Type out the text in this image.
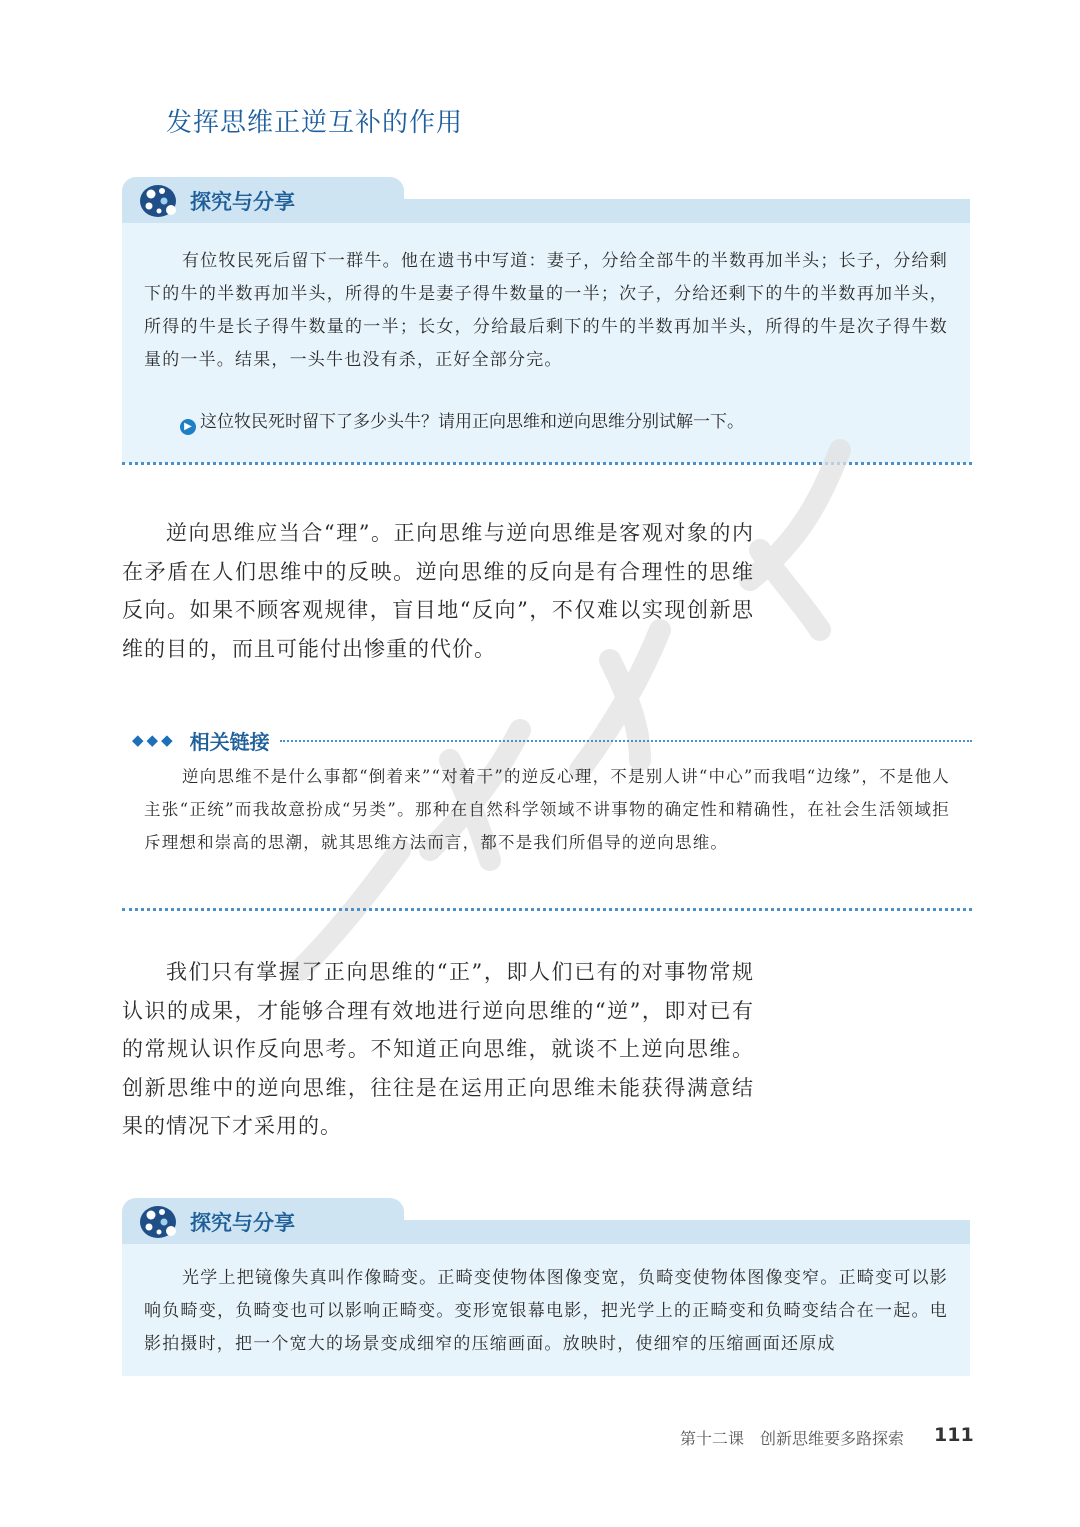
发挥思维正逆互补的作用
探究与分享

有位牧民死后留下一群牛。他在遗书中写道：妻子，分给全部牛的半数再加半头；长子，分给剩下的牛的半数再加半头，所得的牛是妻子得牛数量的一半；次子，分给还剩下的牛的半数再加半头，所得的牛是长子得牛数量的一半；长女，分给最后剩下的牛的半数再加半头，所得的牛是次子得牛数量的一半。结果，一头牛也没有杀，正好全部分完。

▶ 这位牧民死时留下了多少头牛？请用正向思维和逆向思维分别试解一下。

逆向思维应当合“理”。正向思维与逆向思维是客观对象的内在矛盾在人们思维中的反映。逆向思维的反向是有合理性的思维反向。如果不顾客观规律，盲目地“反向”，不仅难以实现创新思维的目的，而且可能付出惨重的代价。

◆◆◆ 相关链接

逆向思维不是什么事都“倒着来”“对着干”的逆反心理，不是别人讲“中心”而我唱“边缘”，不是他人主张“正统”而我故意扮成“另类”。那种在自然科学领域不讲事物的确定性和精确性，在社会生活领域拒斥理想和崇高的思潮，就其思维方法而言，都不是我们所倡导的逆向思维。

我们只有掌握了正向思维的“正”，即人们已有的对事物常规认识的成果，才能够合理有效地进行逆向思维的“逆”，即对已有的常规认识作反向思考。不知道正向思维，就谈不上逆向思维。创新思维中的逆向思维，往往是在运用正向思维未能获得满意结果的情况下才采用的。

探究与分享

光学上把镜像失真叫作像畸变。正畸变使物体图像变宽，负畸变使物体图像变窄。正畸变可以影响负畸变，负畸变也可以影响正畸变。变形宽银幕电影，把光学上的正畸变和负畸变结合在一起。电影拍摄时，把一个宽大的场景变成细窄的压缩画面。放映时，使细窄的压缩画面还原成

第十二课　创新思维要多路探索 111
